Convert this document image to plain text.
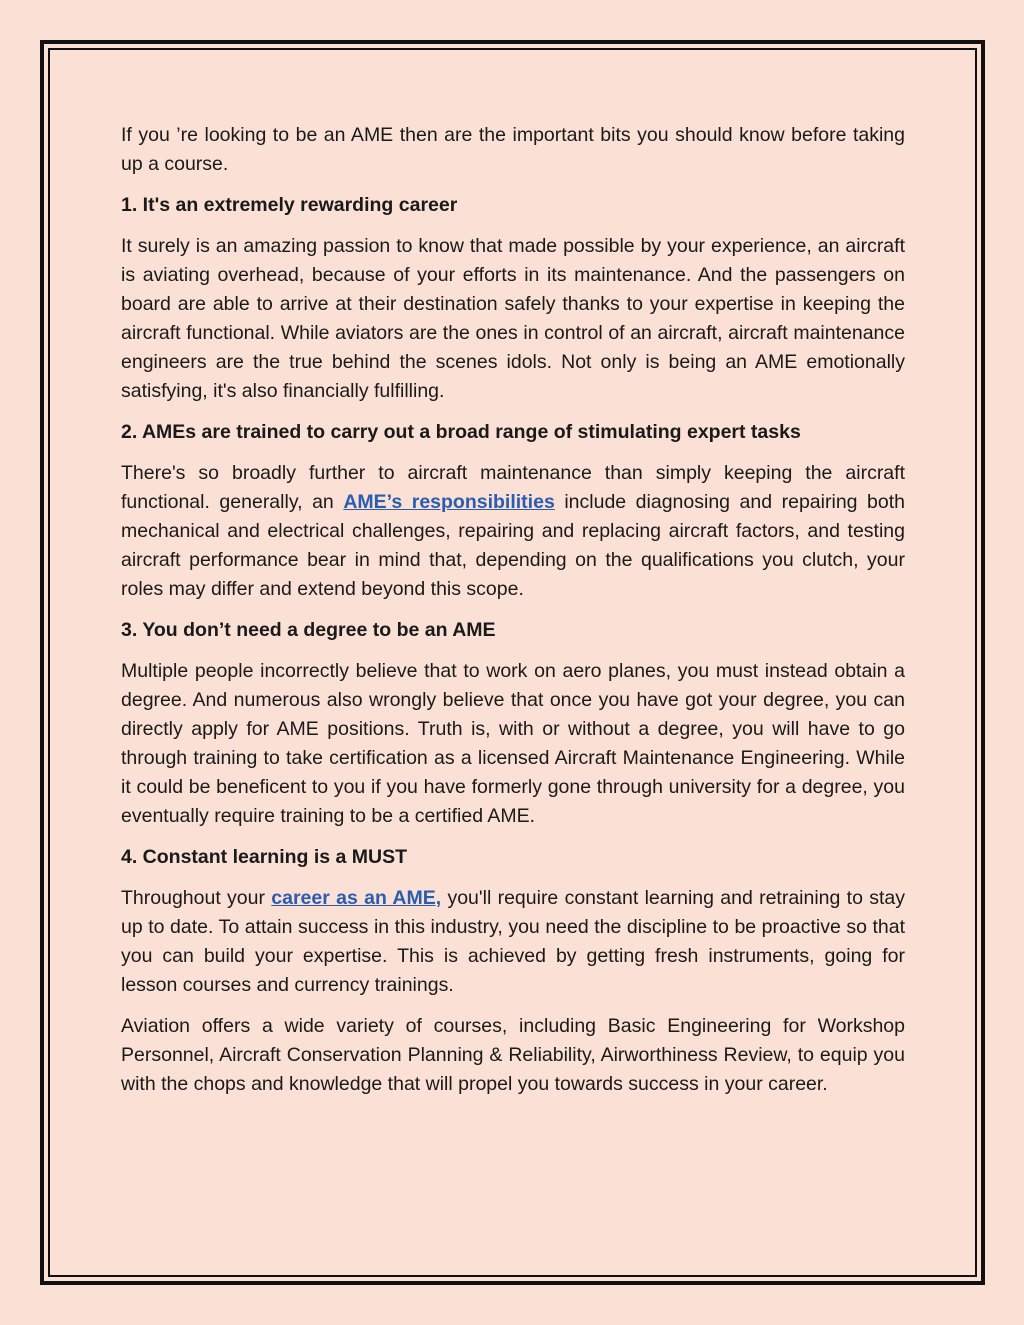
If you ’re looking to be an AME then are the important bits you should know before taking up a course.

1. It's an extremely rewarding career

It surely is an amazing passion to know that made possible by your experience, an aircraft is aviating overhead, because of your efforts in its maintenance. And the passengers on board are able to arrive at their destination safely thanks to your expertise in keeping the aircraft functional. While aviators are the ones in control of an aircraft, aircraft maintenance engineers are the true behind the scenes idols. Not only is being an AME emotionally satisfying, it's also financially fulfilling.

2. AMEs are trained to carry out a broad range of stimulating expert tasks

There's so broadly further to aircraft maintenance than simply keeping the aircraft functional. generally, an AME’s responsibilities include diagnosing and repairing both mechanical and electrical challenges, repairing and replacing aircraft factors, and testing aircraft performance bear in mind that, depending on the qualifications you clutch, your roles may differ and extend beyond this scope.

3. You don’t need a degree to be an AME

Multiple people incorrectly believe that to work on aero planes, you must instead obtain a degree. And numerous also wrongly believe that once you have got your degree, you can directly apply for AME positions. Truth is, with or without a degree, you will have to go through training to take certification as a licensed Aircraft Maintenance Engineering. While it could be beneficent to you if you have formerly gone through university for a degree, you eventually require training to be a certified AME.

4. Constant learning is a MUST

Throughout your career as an AME, you'll require constant learning and retraining to stay up to date. To attain success in this industry, you need the discipline to be proactive so that you can build your expertise. This is achieved by getting fresh instruments, going for lesson courses and currency trainings.

Aviation offers a wide variety of courses, including Basic Engineering for Workshop Personnel, Aircraft Conservation Planning & Reliability, Airworthiness Review, to equip you with the chops and knowledge that will propel you towards success in your career.
